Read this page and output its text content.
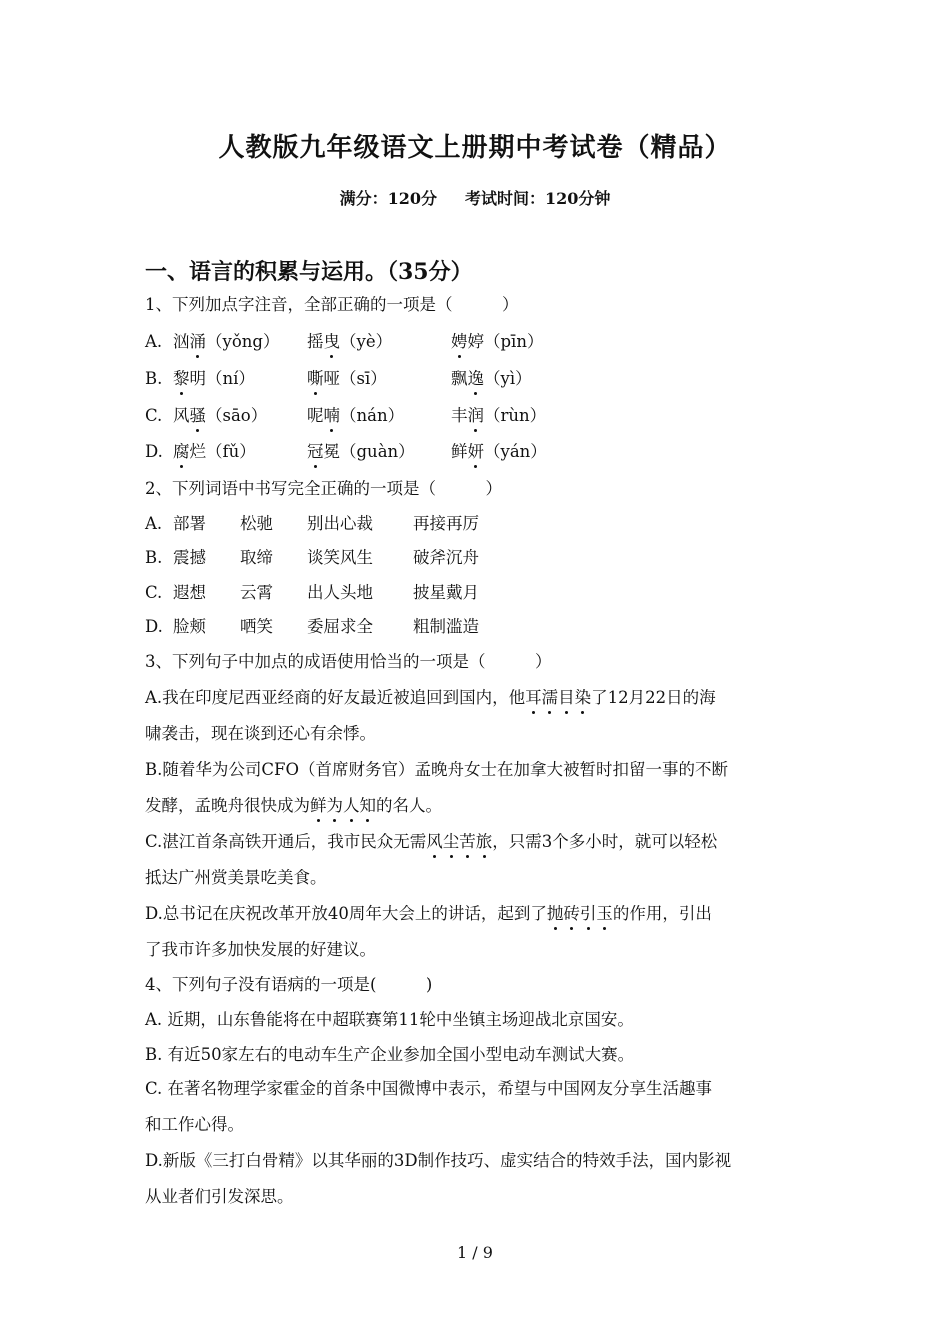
人教版九年级语文上册期中考试卷（精品）
满分：120分 考试时间：120分钟
一、语言的积累与运用。（35分）
1、下列加点字注音，全部正确的一项是（　　　）
A. 汹涌（yǒng） 摇曳（yè）	娉婷（pīn）
B. 黎明（ní）	嘶哑（sī）	飘逸（yì）
C. 风骚（sāo） 呢喃（nán）	丰润（rùn）
D. 腐烂（fǔ）	冠冕（guàn） 鲜妍（yán）
2、下列词语中书写完全正确的一项是（　　　）
A. 部署 松驰 别出心裁 再接再厉
B. 震撼 取缔 谈笑风生 破斧沉舟
C. 遐想 云霄 出人头地 披星戴月
D. 脸颊 哂笑 委屈求全 粗制滥造
3、下列句子中加点的成语使用恰当的一项是（　　　）
A.我在印度尼西亚经商的好友最近被追回到国内，他耳濡目染了12月22日的海
啸袭击，现在谈到还心有余悸。
B.随着华为公司CFO（首席财务官）孟晚舟女士在加拿大被暂时扣留一事的不断
发酵，孟晚舟很快成为鲜为人知的名人。
C.湛江首条高铁开通后，我市民众无需风尘苦旅，只需3个多小时，就可以轻松
抵达广州赏美景吃美食。
D.总书记在庆祝改革开放40周年大会上的讲话，起到了抛砖引玉的作用，引出
了我市许多加快发展的好建议。
4、下列句子没有语病的一项是(　　　)
A. 近期，山东鲁能将在中超联赛第11轮中坐镇主场迎战北京国安。
B. 有近50家左右的电动车生产企业参加全国小型电动车测试大赛。
C. 在著名物理学家霍金的首条中国微博中表示，希望与中国网友分享生活趣事
和工作心得。
D.新版《三打白骨精》以其华丽的3D制作技巧、虚实结合的特效手法，国内影视
从业者们引发深思。
1 / 9
